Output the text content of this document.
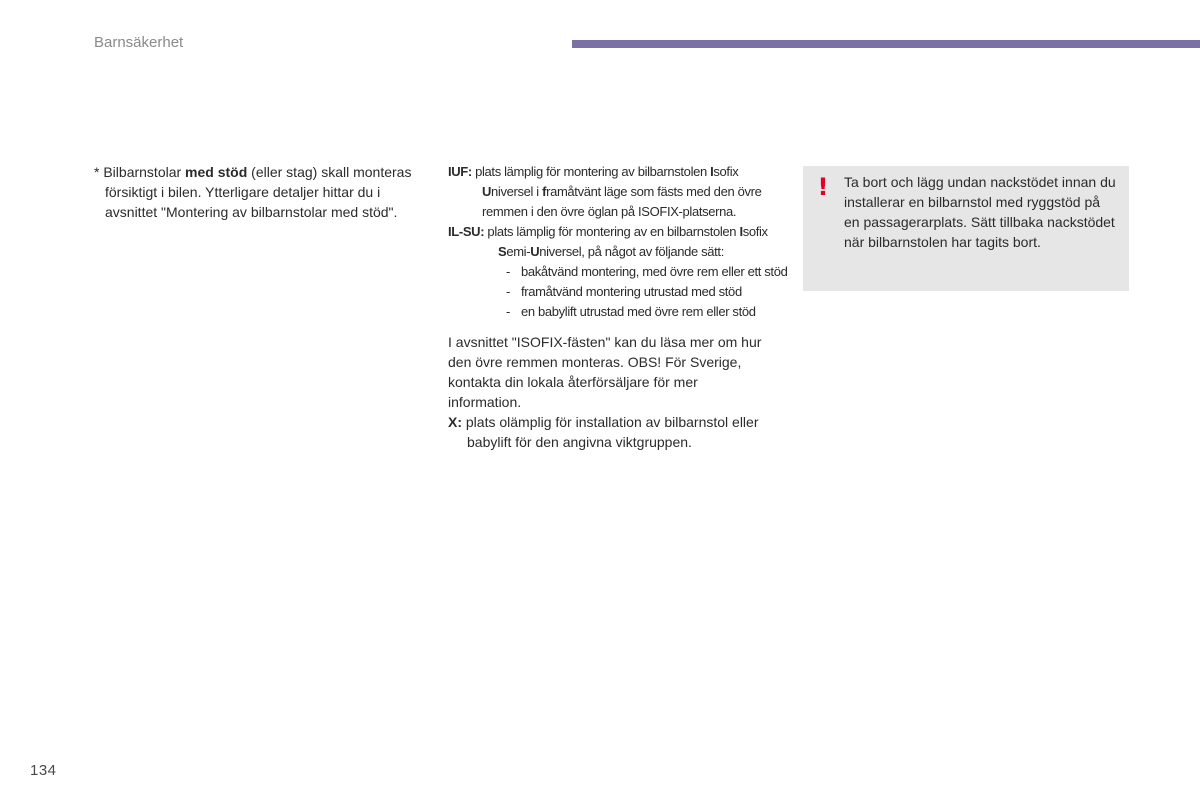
Barnsäkerhet

* Bilbarnstolar med stöd (eller stag) skall monteras försiktigt i bilen. Ytterligare detaljer hittar du i avsnittet "Montering av bilbarnstolar med stöd".

IUF: plats lämplig för montering av bilbarnstolen Isofix Universel i framåtvänt läge som fästs med den övre remmen i den övre öglan på ISOFIX-platserna.

IL-SU: plats lämplig för montering av en bilbarnstolen Isofix Semi-Universel, på något av följande sätt:

- bakåtvänd montering, med övre rem eller ett stöd

- framåtvänd montering utrustad med stöd

- en babylift utrustad med övre rem eller stöd

I avsnittet "ISOFIX-fästen" kan du läsa mer om hur den övre remmen monteras. OBS! För Sverige, kontakta din lokala återförsäljare för mer information.

X: plats olämplig för installation av bilbarnstol eller babylift för den angivna viktgruppen.

! Ta bort och lägg undan nackstödet innan du installerar en bilbarnstol med ryggstöd på en passagerarplats. Sätt tillbaka nackstödet när bilbarnstolen har tagits bort.
134
